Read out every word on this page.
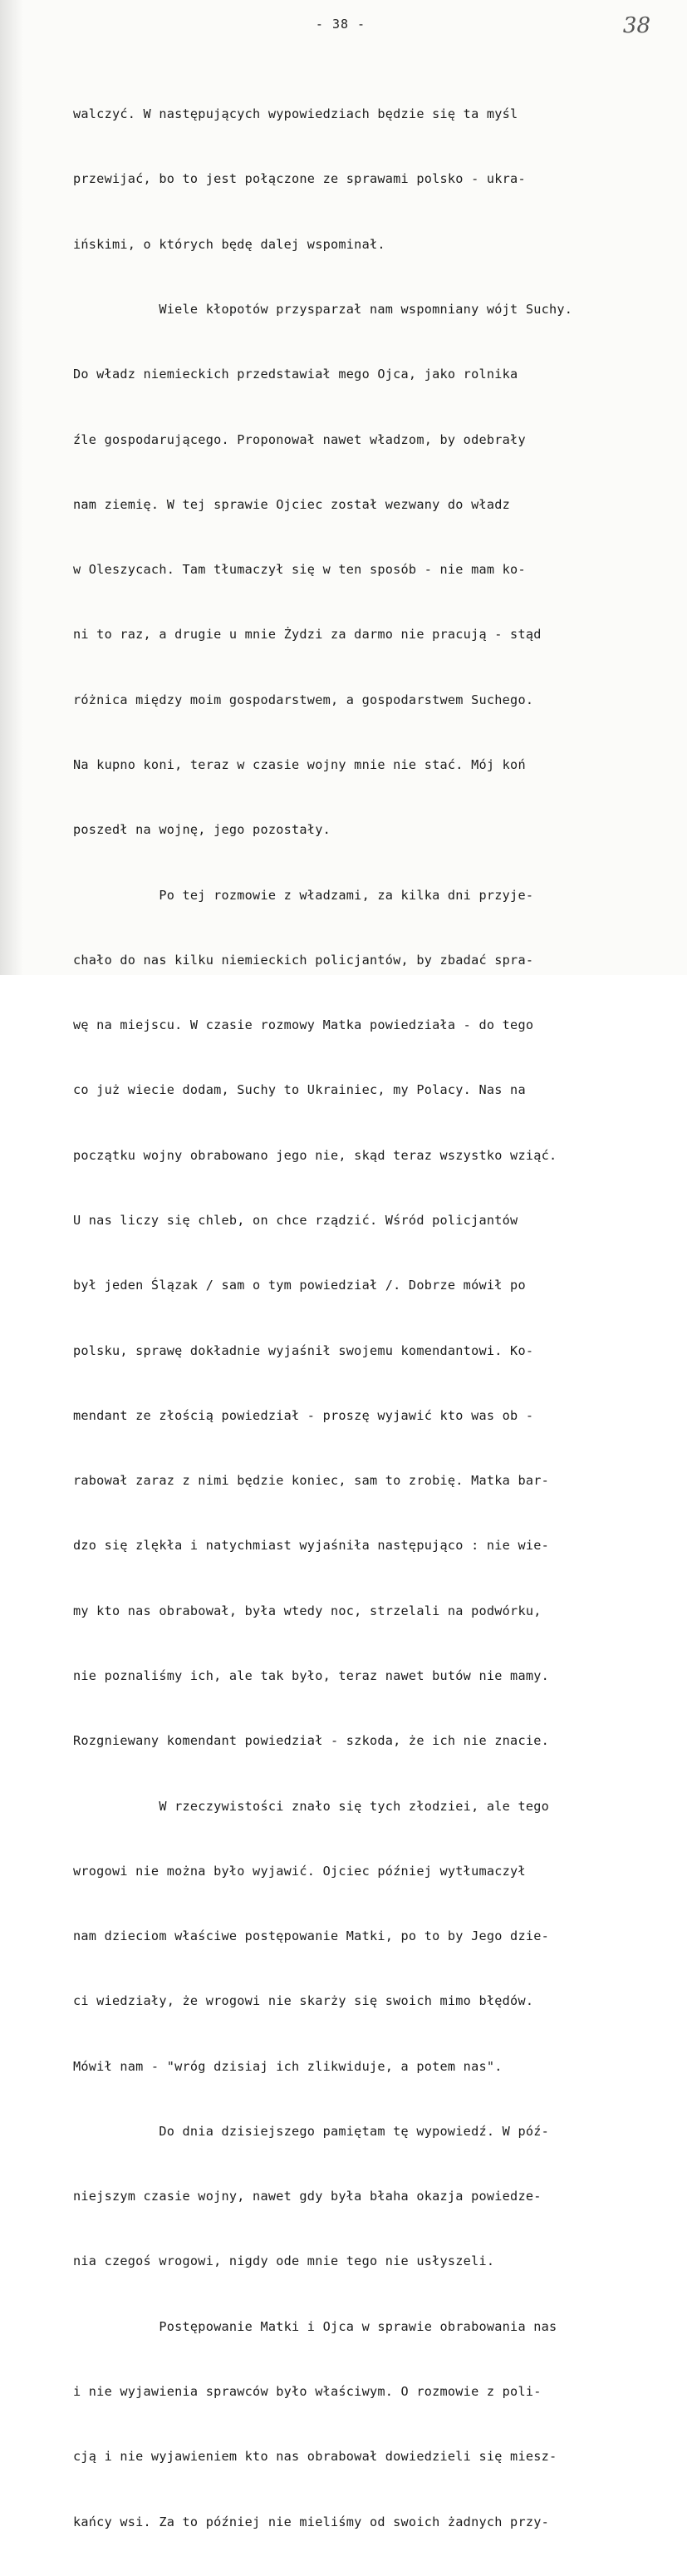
- 38 -	38

walczyć. W następujących wypowiedziach będzie się ta myśl

przewijać, bo to jest połączone ze sprawami polsko - ukra-

ińskimi, o których będę dalej wspominał.

Wiele kłopotów przysparzał nam wspomniany wójt Suchy.

Do władz niemieckich przedstawiał mego Ojca, jako rolnika

źle gospodarującego. Proponował nawet władzom, by odebrały

nam ziemię. W tej sprawie Ojciec został wezwany do władz

w Oleszycach. Tam tłumaczył się w ten sposób - nie mam ko-

ni to raz, a drugie u mnie Żydzi za darmo nie pracują - stąd

różnica między moim gospodarstwem, a gospodarstwem Suchego.

Na kupno koni, teraz w czasie wojny mnie nie stać. Mój koń

poszedł na wojnę, jego pozostały.

Po tej rozmowie z władzami, za kilka dni przyje-

chało do nas kilku niemieckich policjantów, by zbadać spra-

wę na miejscu. W czasie rozmowy Matka powiedziała - do tego

co już wiecie dodam, Suchy to Ukrainiec, my Polacy. Nas na

początku wojny obrabowano jego nie, skąd teraz wszystko wziąć.

U nas liczy się chleb, on chce rządzić. Wśród policjantów

był jeden Ślązak / sam o tym powiedział /. Dobrze mówił po

polsku, sprawę dokładnie wyjaśnił swojemu komendantowi. Ko-

mendant ze złością powiedział - proszę wyjawić kto was ob -

rabował zaraz z nimi będzie koniec, sam to zrobię. Matka bar-

dzo się zlękła i natychmiast wyjaśniła następująco : nie wie-

my kto nas obrabował, była wtedy noc, strzelali na podwórku,

nie poznaliśmy ich, ale tak było, teraz nawet butów nie mamy.

Rozgniewany komendant powiedział - szkoda, że ich nie znacie.

W rzeczywistości znało się tych złodziei, ale tego

wrogowi nie można było wyjawić. Ojciec później wytłumaczył

nam dzieciom właściwe postępowanie Matki, po to by Jego dzie-

ci wiedziały, że wrogowi nie skarży się swoich mimo błędów.

Mówił nam - "wróg dzisiaj ich zlikwiduje, a potem nas".

Do dnia dzisiejszego pamiętam tę wypowiedź. W póź-

niejszym czasie wojny, nawet gdy była błaha okazja powiedze-

nia czegoś wrogowi, nigdy ode mnie tego nie usłyszeli.

Postępowanie Matki i Ojca w sprawie obrabowania nas

i nie wyjawienia sprawców było właściwym. O rozmowie z poli-

cją i nie wyjawieniem kto nas obrabował dowiedzieli się miesz-

kańcy wsi. Za to później nie mieliśmy od swoich żadnych przy-
